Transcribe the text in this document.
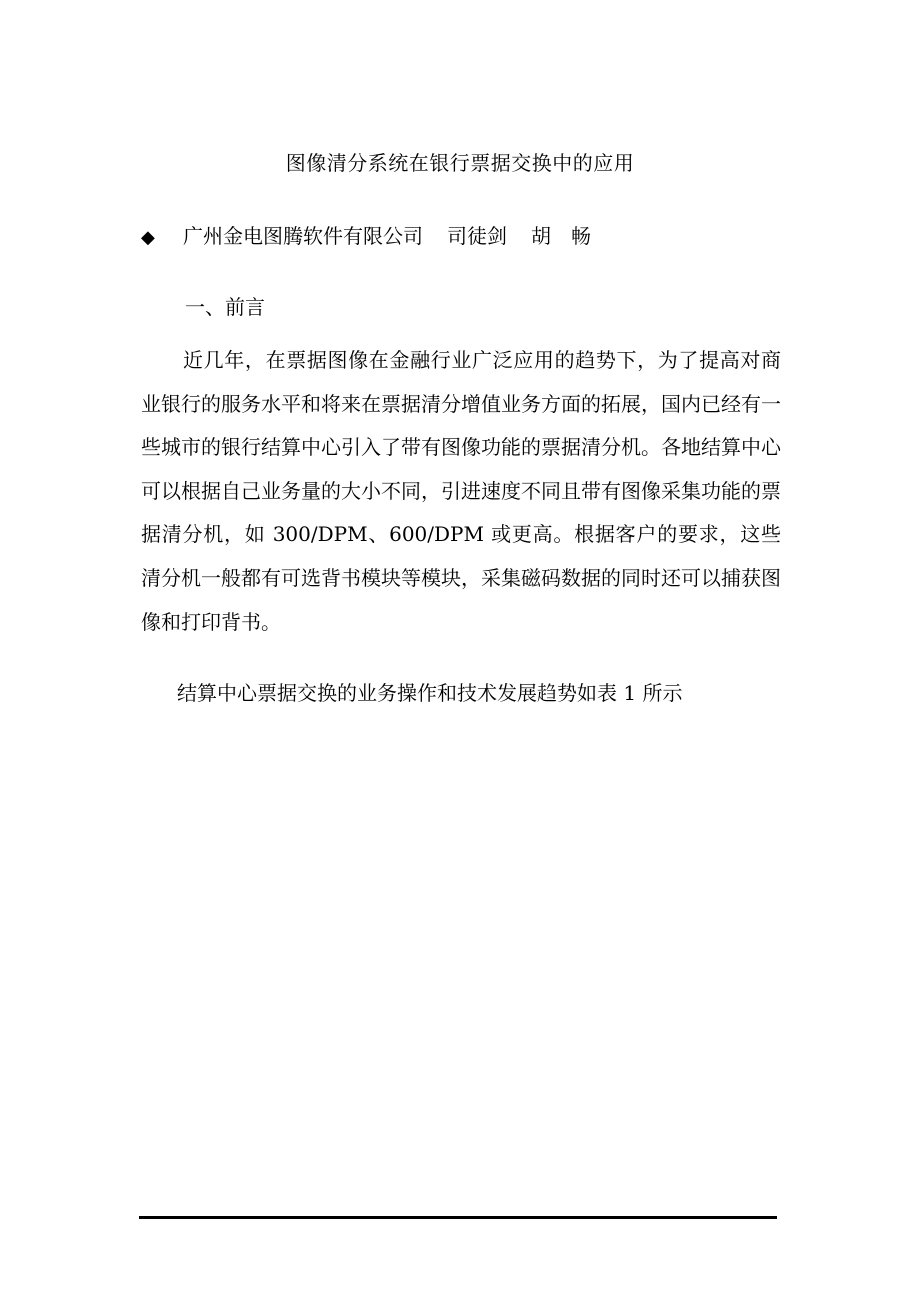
图像清分系统在银行票据交换中的应用
◆ 广州金电图腾软件有限公司 司徒剑 胡 畅
一、前言
近几年，在票据图像在金融行业广泛应用的趋势下，为了提高对商业银行的服务水平和将来在票据清分增值业务方面的拓展，国内已经有一些城市的银行结算中心引入了带有图像功能的票据清分机。各地结算中心可以根据自己业务量的大小不同，引进速度不同且带有图像采集功能的票据清分机，如 300/DPM、600/DPM 或更高。根据客户的要求，这些清分机一般都有可选背书模块等模块，采集磁码数据的同时还可以捕获图像和打印背书。
结算中心票据交换的业务操作和技术发展趋势如表 1 所示
